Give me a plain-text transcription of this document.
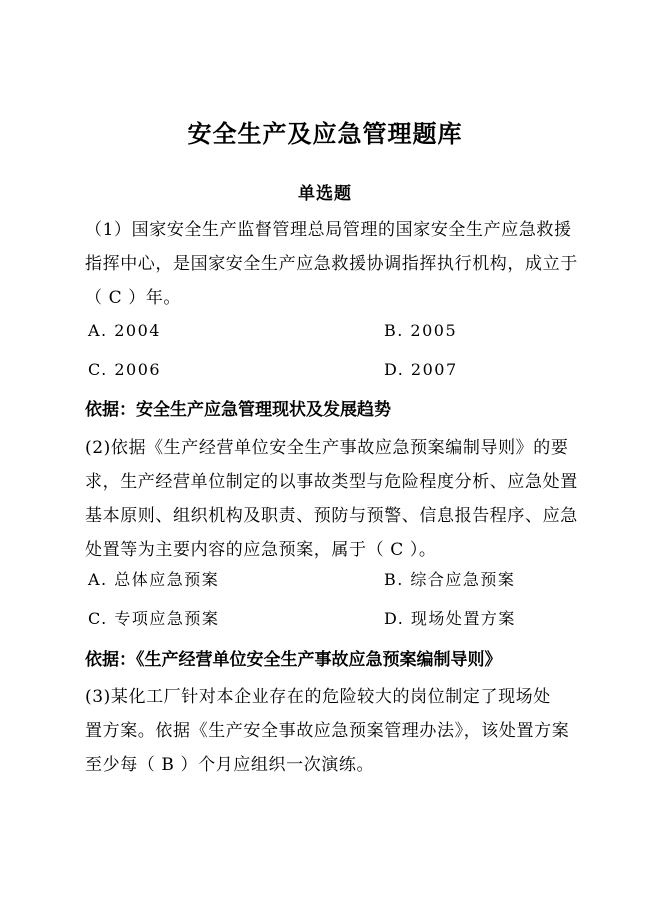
安全生产及应急管理题库
单选题
（1）国家安全生产监督管理总局管理的国家安全生产应急救援
指挥中心，是国家安全生产应急救援协调指挥执行机构，成立于
（ C ）年。
A. 2004	B. 2005
C. 2006	D. 2007
依据：安全生产应急管理现状及发展趋势
(2)依据《生产经营单位安全生产事故应急预案编制导则》的要
求，生产经营单位制定的以事故类型与危险程度分析、应急处置
基本原则、组织机构及职责、预防与预警、信息报告程序、应急
处置等为主要内容的应急预案，属于（ C ）。
A. 总体应急预案	B. 综合应急预案
C. 专项应急预案	D. 现场处置方案
依据：《生产经营单位安全生产事故应急预案编制导则》
(3)某化工厂针对本企业存在的危险较大的岗位制定了现场处
置方案。依据《生产安全事故应急预案管理办法》，该处置方案
至少每（ B ）个月应组织一次演练。
